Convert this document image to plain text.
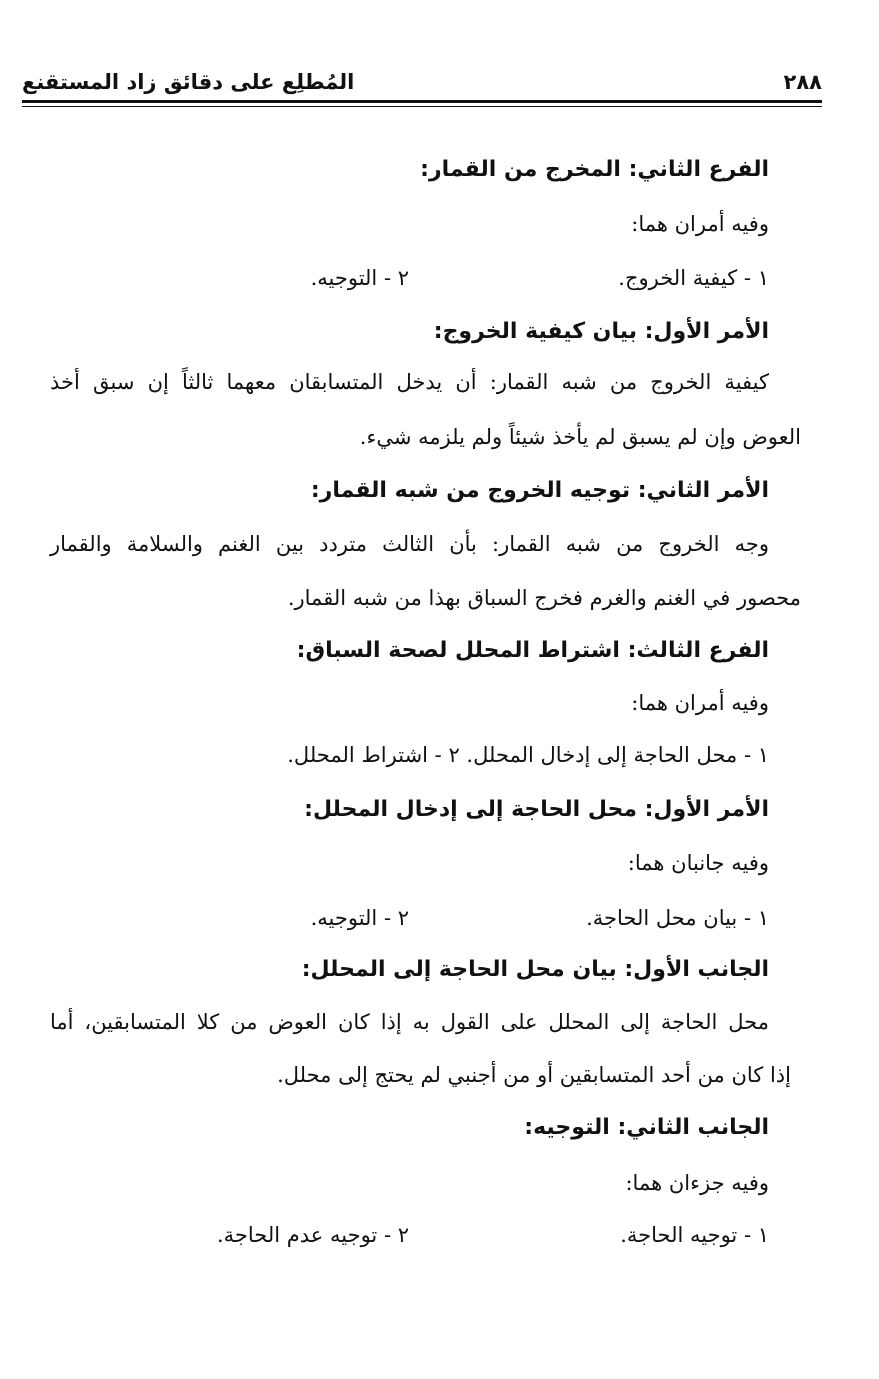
٢٨٨
المُطلِع على دقائق زاد المستقنع
الفرع الثاني: المخرج من القمار:
وفيه أمران هما:
١ - كيفية الخروج.
٢ - التوجيه.
الأمر الأول: بيان كيفية الخروج:
كيفية الخروج من شبه القمار: أن يدخل المتسابقان معهما ثالثاً إن سبق أخذ
العوض وإن لم يسبق لم يأخذ شيئاً ولم يلزمه شيء.
الأمر الثاني: توجيه الخروج من شبه القمار:
وجه الخروج من شبه القمار: بأن الثالث متردد بين الغنم والسلامة والقمار
محصور في الغنم والغرم فخرج السباق بهذا من شبه القمار.
الفرع الثالث: اشتراط المحلل لصحة السباق:
وفيه أمران هما:
١ - محل الحاجة إلى إدخال المحلل. ٢ - اشتراط المحلل.
الأمر الأول: محل الحاجة إلى إدخال المحلل:
وفيه جانبان هما:
١ - بيان محل الحاجة.
٢ - التوجيه.
الجانب الأول: بيان محل الحاجة إلى المحلل:
محل الحاجة إلى المحلل على القول به إذا كان العوض من كلا المتسابقين، أما
إذا كان من أحد المتسابقين أو من أجنبي لم يحتج إلى محلل.
الجانب الثاني: التوجيه:
وفيه جزءان هما:
١ - توجيه الحاجة.
٢ - توجيه عدم الحاجة.
